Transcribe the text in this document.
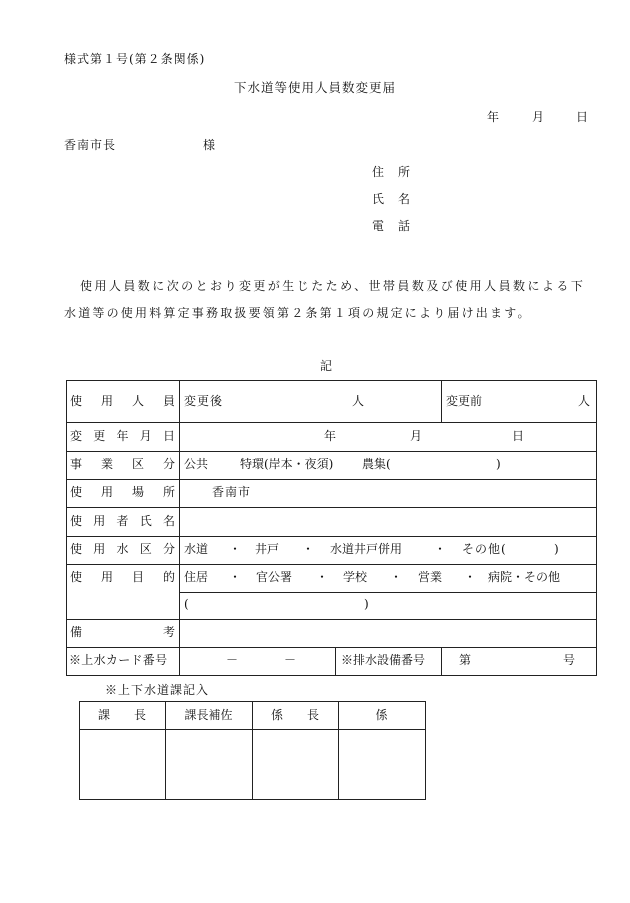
様式第１号(第２条関係)
下水道等使用人員数変更届
年	月	日
香南市長	様
住　所
氏　名
電　話
使用人員数に次のとおり変更が生じたため、世帯員数及び使用人員数による下
水道等の使用料算定事務取扱要領第２条第１項の規定により届け出ます。
記
使 用 人 員 変更後	人	変更前	人
変 更 年 月 日	年	月	日
事 業 区 分 公共	特環(岸本・夜須) 農集(	)
使 用 場 所	香南市
使 用 者 氏 名
使 用 水 区 分 水道 ・ 井戸 ・ 水道井戸併用	・ その他(	)
使 用 目 的 住居 ・ 官公署 ・ 学校 ・ 営業 ・ 病院・その他
(	)
備	考
※上水カード番号	－	－	※排水設備番号	第	号
※上下水道課記入
課　　長	課長補佐	係　　長	係
